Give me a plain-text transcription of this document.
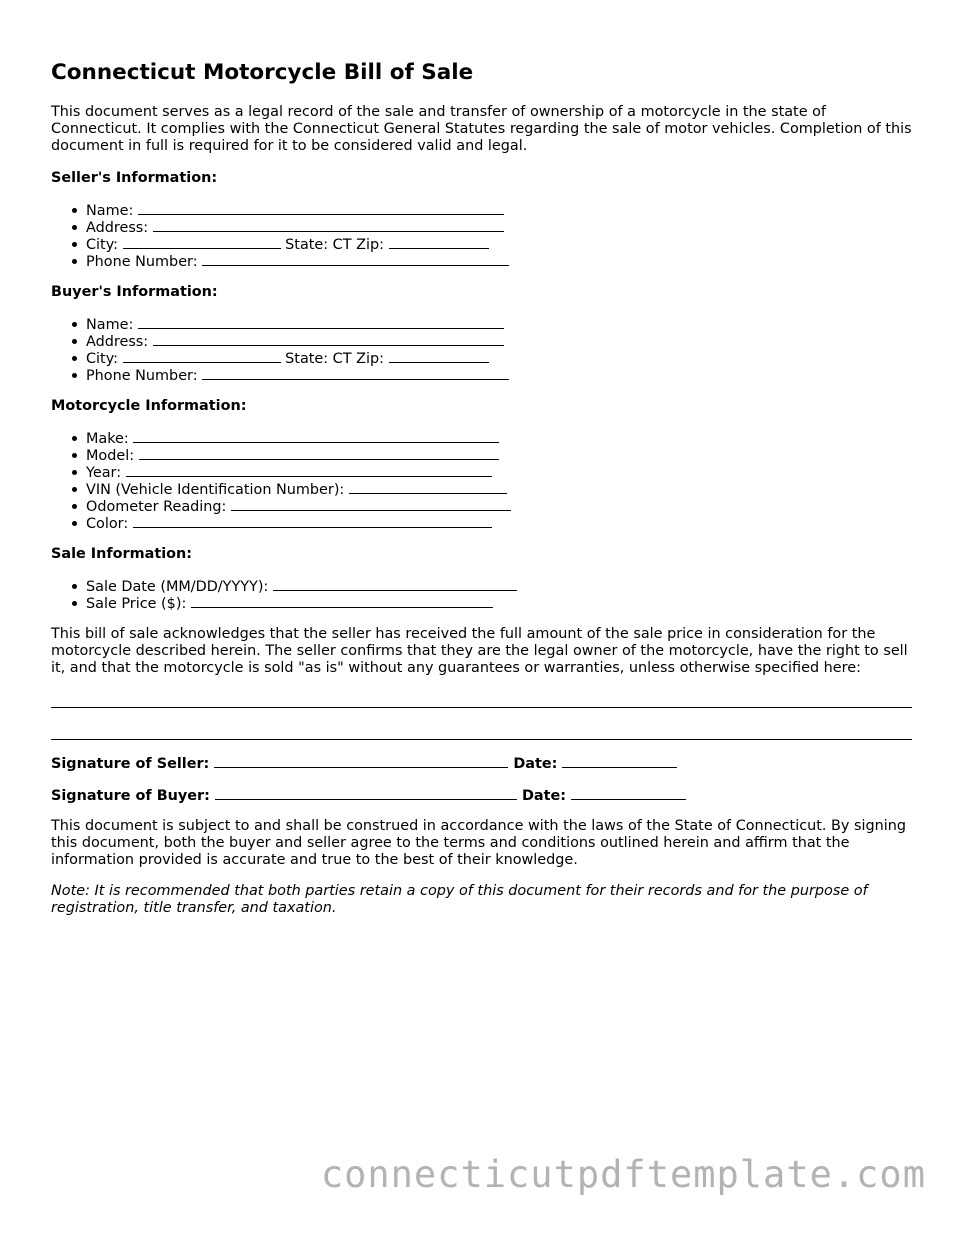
Connecticut Motorcycle Bill of Sale

This document serves as a legal record of the sale and transfer of ownership of a motorcycle in the state of Connecticut. It complies with the Connecticut General Statutes regarding the sale of motor vehicles. Completion of this document in full is required for it to be considered valid and legal.

Seller's Information:
Name:
Address:
City:	State: CT Zip:
Phone Number:
Buyer's Information:
Name:
Address:
City:	State: CT Zip:
Phone Number:
Motorcycle Information:
Make:
Model:
Year:
VIN (Vehicle Identification Number):
Odometer Reading:
Color:
Sale Information:
Sale Date (MM/DD/YYYY):
Sale Price ($):

This bill of sale acknowledges that the seller has received the full amount of the sale price in consideration for the motorcycle described herein. The seller confirms that they are the legal owner of the motorcycle, have the right to sell it, and that the motorcycle is sold "as is" without any guarantees or warranties, unless otherwise specified here:

Signature of Seller:	Date:
Signature of Buyer:	Date:

This document is subject to and shall be construed in accordance with the laws of the State of Connecticut. By signing this document, both the buyer and seller agree to the terms and conditions outlined herein and affirm that the information provided is accurate and true to the best of their knowledge.

Note: It is recommended that both parties retain a copy of this document for their records and for the purpose of registration, title transfer, and taxation.

connecticutpdftemplate.com
